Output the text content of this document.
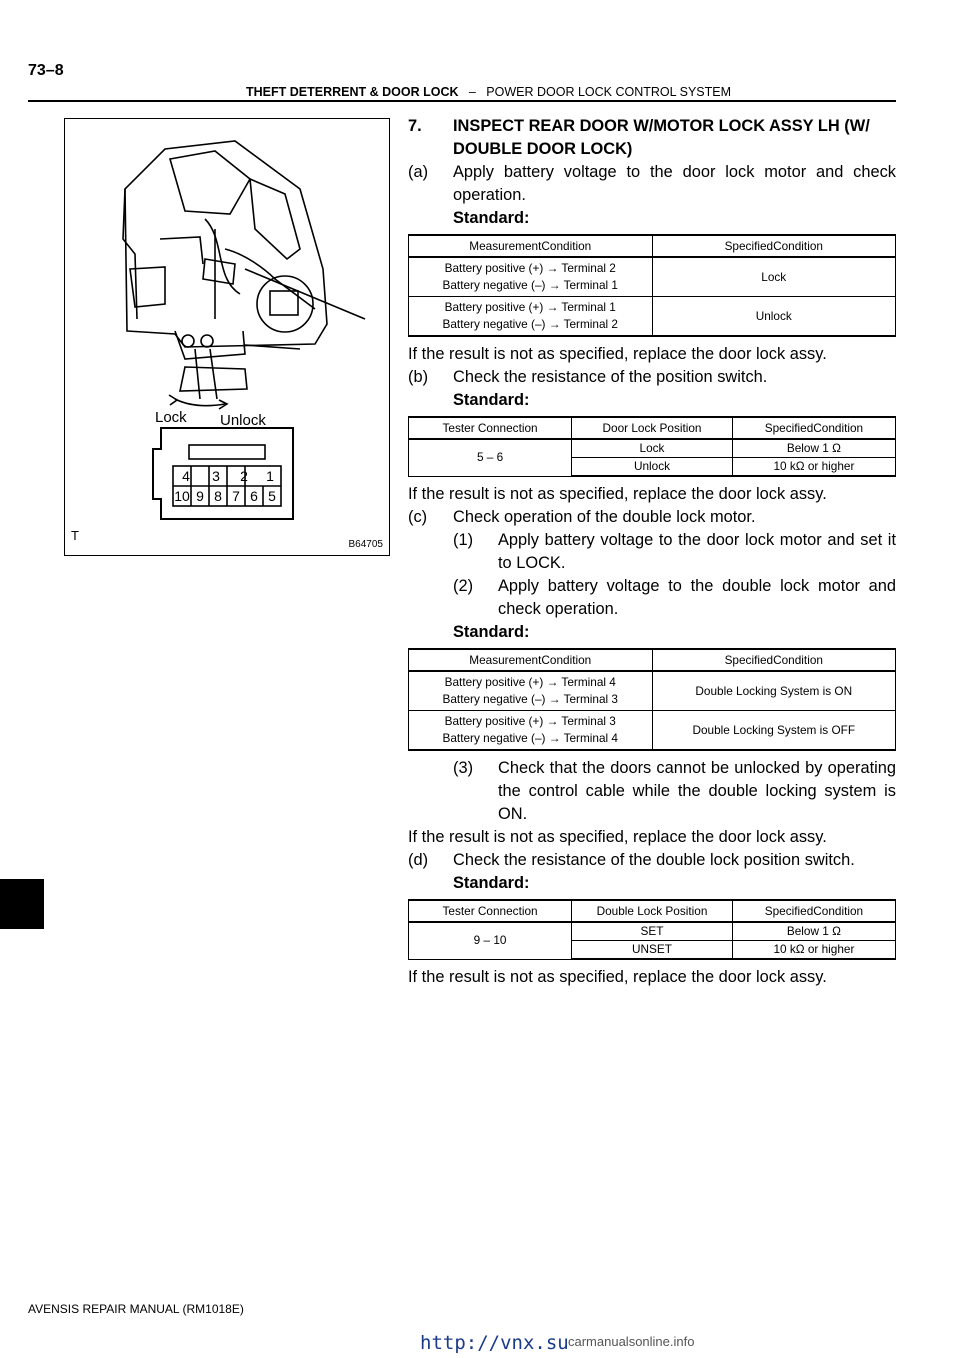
73–8
THEFT DETERRENT & DOOR LOCK – POWER DOOR LOCK CONTROL SYSTEM
Lock Unlock
4 3 2 1
10 9 8 7 6 5
T
B64705
7.	INSPECT REAR DOOR W/MOTOR LOCK ASSY LH (W/ DOUBLE DOOR LOCK)
(a)	Apply battery voltage to the door lock motor and check operation.

Standard:

MeasurementCondition	SpecifiedCondition
Battery positive (+) → Terminal 2
Battery negative (–) → Terminal 1	Lock
Battery positive (+) → Terminal 1
Battery negative (–) → Terminal 2	Unlock

If the result is not as specified, replace the door lock assy.

(b)	Check the resistance of the position switch.

Standard:

Tester Connection	Door Lock Position	SpecifiedCondition
5 – 6	Lock	Below 1 Ω
	Unlock	10 kΩ or higher

If the result is not as specified, replace the door lock assy.

(c)	Check operation of the double lock motor.
(1)	Apply battery voltage to the door lock motor and set it to LOCK.
(2)	Apply battery voltage to the double lock motor and check operation.

Standard:

MeasurementCondition	SpecifiedCondition
Battery positive (+) → Terminal 4
Battery negative (–) → Terminal 3	Double Locking System is ON
Battery positive (+) → Terminal 3
Battery negative (–) → Terminal 4	Double Locking System is OFF
(3)	Check that the doors cannot be unlocked by operating the control cable while the double locking system is ON.

If the result is not as specified, replace the door lock assy.

(d)	Check the resistance of the double lock position switch.

Standard:

Tester Connection	Double Lock Position	SpecifiedCondition
9 – 10	SET	Below 1 Ω
	UNSET	10 kΩ or higher

If the result is not as specified, replace the door lock assy.

AVENSIS REPAIR MANUAL (RM1018E)
http://vnx.su carmanualsonline.info
